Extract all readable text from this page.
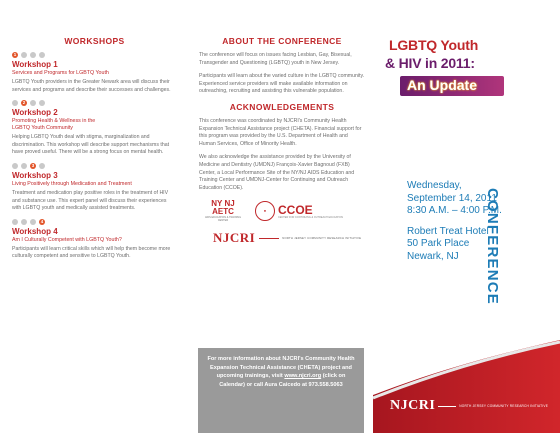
WORKSHOPS
1
Workshop 1
Services and Programs for LGBTQ Youth

LGBTQ Youth providers in the Greater Newark area will discuss their services and programs and describe their successes and challenges.

2
Workshop 2
Promoting Health & Wellness in the
LGBTQ Youth Community

Helping LGBTQ Youth deal with stigma, marginalization and discrimination. This workshop will describe support mechanisms that have proved useful. There will be a strong focus on mental health.

3
Workshop 3
Living Positively through Medication and Treatment

Treatment and medication play positive roles in the treatment of HIV and substance use. This expert panel will discuss their experiences with LGBTQ youth and medically assisted treatments.

4
Workshop 4
Am I Culturally Competent with LGBTQ Youth?

Participants will learn critical skills which will help them become more culturally competent and sensitive to LGBTQ Youth.

ABOUT THE CONFERENCE

The conference will focus on issues facing Lesbian, Gay, Bisexual, Transgender and Questioning (LGBTQ) youth in New Jersey.

Participants will learn about the varied culture in the LGBTQ community. Experienced service providers will make available information on outreaching, recruiting and assisting this vulnerable population.

ACKNOWLEDGEMENTS

This conference was coordinated by NJCRI's Community Health Expansion Technical Assistance project (CHETA). Financial support for this program was provided by the U.S. Department of Health and Human Services, Office of Minority Health.

We also acknowledge the assistance provided by the University of Medicine and Dentistry (UMDNJ) François-Xavier Bagnoud (FXB) Center, a Local Performance Site of the NY/NJ AIDS Education and Training Center and UMDNJ-Center for Continuing and Outreach Education (CCOE).

NY NJ
AETC
AIDS EDUCATION & TRAINING CENTER
● CCOE
CENTER FOR CONTINUING & OUTREACH EDUCATION
NJCRI	NORTH JERSEY COMMUNITY RESEARCH INITIATIVE
For more information about NJCRI's Community Health Expansion Technical Assistance (CHETA) project and upcoming trainings, visit www.njcri.org (click on Calendar) or call Aura Caicedo at 973.558.5063
LGBTQ Youth
& HIV in 2011:
An Update
CONFERENCE
Wednesday,
September 14, 2011
8:30 A.M. – 4:00 P.M.
Robert Treat Hotel
50 Park Place
Newark, NJ
NJCRI	NORTH JERSEY COMMUNITY RESEARCH INITIATIVE
